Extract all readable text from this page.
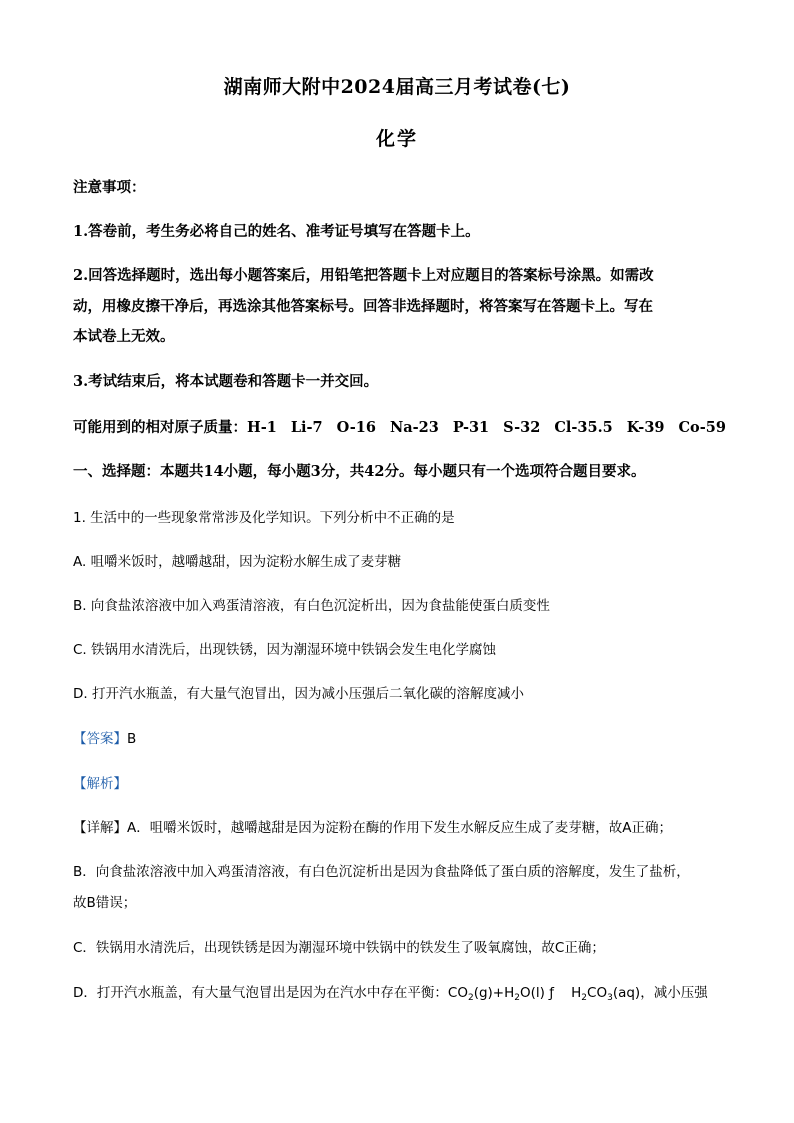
湖南师大附中2024届高三月考试卷(七)
化学
注意事项：
1.答卷前，考生务必将自己的姓名、准考证号填写在答题卡上。
2.回答选择题时，选出每小题答案后，用铅笔把答题卡上对应题目的答案标号涂黑。如需改
动，用橡皮擦干净后，再选涂其他答案标号。回答非选择题时，将答案写在答题卡上。写在
本试卷上无效。
3.考试结束后，将本试题卷和答题卡一并交回。
可能用到的相对原子质量：H-1 Li-7 O-16 Na-23 P-31 S-32 Cl-35.5 K-39 Co-59
一、选择题：本题共14小题，每小题3分，共42分。每小题只有一个选项符合题目要求。
1. 生活中的一些现象常常涉及化学知识。下列分析中不正确的是
A. 咀嚼米饭时，越嚼越甜，因为淀粉水解生成了麦芽糖
B. 向食盐浓溶液中加入鸡蛋清溶液，有白色沉淀析出，因为食盐能使蛋白质变性
C. 铁锅用水清洗后，出现铁锈，因为潮湿环境中铁锅会发生电化学腐蚀
D. 打开汽水瓶盖，有大量气泡冒出，因为减小压强后二氧化碳的溶解度减小
【答案】B
【解析】
【详解】A．咀嚼米饭时，越嚼越甜是因为淀粉在酶的作用下发生水解反应生成了麦芽糖，故A正确；
B．向食盐浓溶液中加入鸡蛋清溶液，有白色沉淀析出是因为食盐降低了蛋白质的溶解度，发生了盐析，
故B错误；
C．铁锅用水清洗后，出现铁锈是因为潮湿环境中铁锅中的铁发生了吸氧腐蚀，故C正确；
D．打开汽水瓶盖，有大量气泡冒出是因为在汽水中存在平衡：$CO_2(g)+H_2O(l)$ ƒ    $H_2CO_3(aq)$，减小压强
